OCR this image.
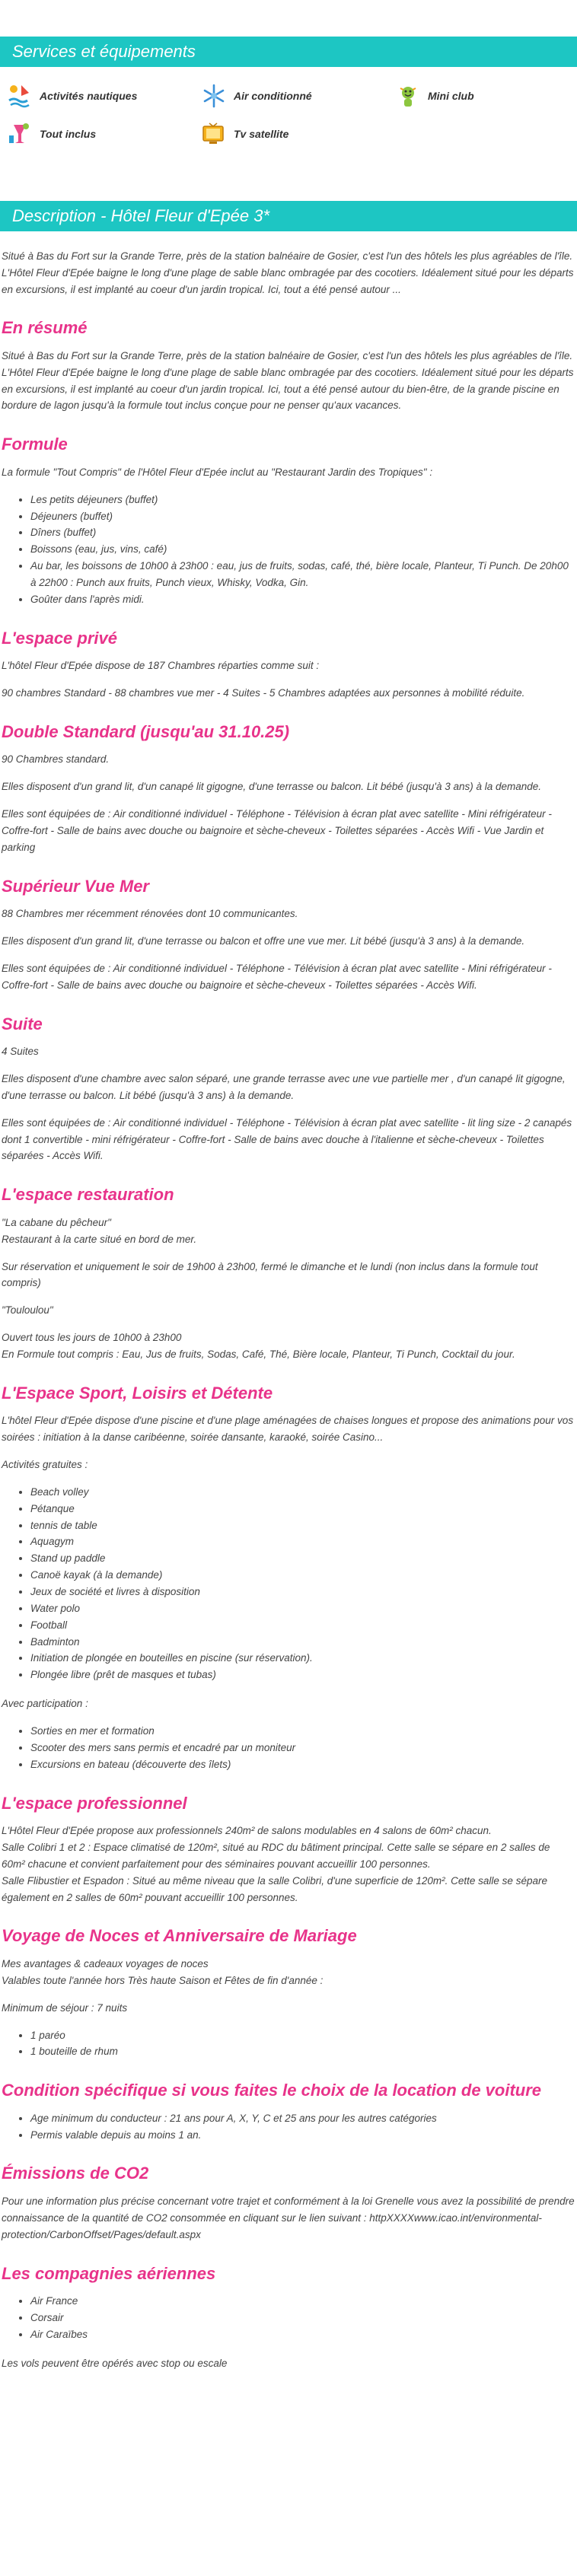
Services et équipements
Activités nautiques	Air conditionné	Mini club
Tout inclus	Tv satellite
Description - Hôtel Fleur d'Epée 3*

Situé à Bas du Fort sur la Grande Terre, près de la station balnéaire de Gosier, c'est l'un des hôtels les plus agréables de l'île. L'Hôtel Fleur d'Epée baigne le long d'une plage de sable blanc ombragée par des cocotiers. Idéalement situé pour les départs en excursions, il est implanté au coeur d'un jardin tropical. Ici, tout a été pensé autour ...

En résumé

Situé à Bas du Fort sur la Grande Terre, près de la station balnéaire de Gosier, c'est l'un des hôtels les plus agréables de l'île. L'Hôtel Fleur d'Epée baigne le long d'une plage de sable blanc ombragée par des cocotiers. Idéalement situé pour les départs en excursions, il est implanté au coeur d'un jardin tropical. Ici, tout a été pensé autour du bien-être, de la grande piscine en bordure de lagon jusqu'à la formule tout inclus conçue pour ne penser qu'aux vacances.

Formule

La formule "Tout Compris" de l'Hôtel Fleur d'Epée inclut au "Restaurant Jardin des Tropiques" :

• Les petits déjeuners (buffet)
• Déjeuners (buffet)
• Dîners (buffet)
• Boissons (eau, jus, vins, café)
• Au bar, les boissons de 10h00 à 23h00 : eau, jus de fruits, sodas, café, thé, bière locale, Planteur, Ti Punch. De 20h00 à 22h00 : Punch aux fruits, Punch vieux, Whisky, Vodka, Gin.
• Goûter dans l'après midi.
L'espace privé

L'hôtel Fleur d'Epée dispose de 187 Chambres réparties comme suit :

90 chambres Standard - 88 chambres vue mer - 4 Suites - 5 Chambres adaptées aux personnes à mobilité réduite.

Double Standard (jusqu'au 31.10.25)

90 Chambres standard.

Elles disposent d'un grand lit, d'un canapé lit gigogne, d'une terrasse ou balcon. Lit bébé (jusqu'à 3 ans) à la demande.

Elles sont équipées de : Air conditionné individuel - Téléphone - Télévision à écran plat avec satellite - Mini réfrigérateur - Coffre-fort - Salle de bains avec douche ou baignoire et sèche-cheveux - Toilettes séparées - Accès Wifi - Vue Jardin et parking

Supérieur Vue Mer

88 Chambres mer récemment rénovées dont 10 communicantes.

Elles disposent d'un grand lit, d'une terrasse ou balcon et offre une vue mer. Lit bébé (jusqu'à 3 ans) à la demande.

Elles sont équipées de : Air conditionné individuel - Téléphone - Télévision à écran plat avec satellite - Mini réfrigérateur - Coffre-fort - Salle de bains avec douche ou baignoire et sèche-cheveux - Toilettes séparées - Accès Wifi.

Suite

4 Suites

Elles disposent d'une chambre avec salon séparé, une grande terrasse avec une vue partielle mer , d'un canapé lit gigogne, d'une terrasse ou balcon. Lit bébé (jusqu'à 3 ans) à la demande.

Elles sont équipées de : Air conditionné individuel - Téléphone - Télévision à écran plat avec satellite - lit ling size - 2 canapés dont 1 convertible - mini réfrigérateur - Coffre-fort - Salle de bains avec douche à l'italienne et sèche-cheveux - Toilettes séparées - Accès Wifi.

L'espace restauration

"La cabane du pêcheur"
Restaurant à la carte situé en bord de mer.

Sur réservation et uniquement le soir de 19h00 à 23h00, fermé le dimanche et le lundi (non inclus dans la formule tout compris)

"Touloulou"

Ouvert tous les jours de 10h00 à 23h00
En Formule tout compris : Eau, Jus de fruits, Sodas, Café, Thé, Bière locale, Planteur, Ti Punch, Cocktail du jour.

L'Espace Sport, Loisirs et Détente

L'hôtel Fleur d'Epée dispose d'une piscine et d'une plage aménagées de chaises longues et propose des animations pour vos soirées : initiation à la danse caribéenne, soirée dansante, karaoké, soirée Casino...

Activités gratuites :

• Beach volley
• Pétanque
• tennis de table
• Aquagym
• Stand up paddle
• Canoë kayak (à la demande)
• Jeux de société et livres à disposition
• Water polo
• Football
• Badminton
• Initiation de plongée en bouteilles en piscine (sur réservation).
• Plongée libre (prêt de masques et tubas)

Avec participation :

• Sorties en mer et formation
• Scooter des mers sans permis et encadré par un moniteur
• Excursions en bateau (découverte des îlets)
L'espace professionnel

L'Hôtel Fleur d'Epée propose aux professionnels 240m² de salons modulables en 4 salons de 60m² chacun.
Salle Colibri 1 et 2 : Espace climatisé de 120m², situé au RDC du bâtiment principal. Cette salle se sépare en 2 salles de 60m² chacune et convient parfaitement pour des séminaires pouvant accueillir 100 personnes.
Salle Flibustier et Espadon : Situé au même niveau que la salle Colibri, d'une superficie de 120m². Cette salle se sépare également en 2 salles de 60m² pouvant accueillir 100 personnes.

Voyage de Noces et Anniversaire de Mariage

Mes avantages & cadeaux voyages de noces
Valables toute l'année hors Très haute Saison et Fêtes de fin d'année :

Minimum de séjour : 7 nuits

• 1 paréo
• 1 bouteille de rhum
Condition spécifique si vous faites le choix de la location de voiture
• Age minimum du conducteur : 21 ans pour A, X, Y, C et 25 ans pour les autres catégories
• Permis valable depuis au moins 1 an.
Émissions de CO2

Pour une information plus précise concernant votre trajet et conformément à la loi Grenelle vous avez la possibilité de prendre connaissance de la quantité de CO2 consommée en cliquant sur le lien suivant : httpXXXXwww.icao.int/environmental-protection/CarbonOffset/Pages/default.aspx

Les compagnies aériennes
• Air France
• Corsair
• Air Caraïbes

Les vols peuvent être opérés avec stop ou escale
